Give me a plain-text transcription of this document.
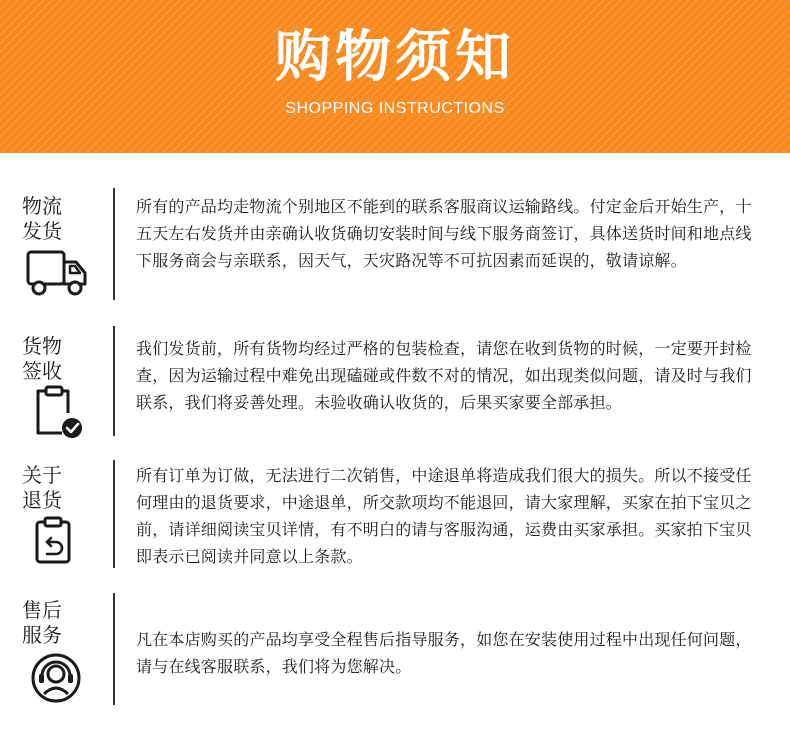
购物须知
SHOPPING INSTRUCTIONS
物流
发货
所有的产品均走物流个别地区不能到的联系客服商议运输路线。付定金后开始生产，十五天左右发货并由亲确认收货确切安装时间与线下服务商签订，具体送货时间和地点线下服务商会与亲联系，因天气，天灾路况等不可抗因素而延误的，敬请谅解。
货物
签收
我们发货前，所有货物均经过严格的包装检查，请您在收到货物的时候，一定要开封检查，因为运输过程中难免出现磕碰或件数不对的情况，如出现类似问题，请及时与我们联系，我们将妥善处理。未验收确认收货的，后果买家要全部承担。
关于
退货
所有订单为订做，无法进行二次销售，中途退单将造成我们很大的损失。所以不接受任何理由的退货要求，中途退单，所交款项均不能退回，请大家理解，买家在拍下宝贝之前，请详细阅读宝贝详情，有不明白的请与客服沟通，运费由买家承担。买家拍下宝贝即表示已阅读并同意以上条款。
售后
服务	凡在本店购买的产品均享受全程售后指导服务，如您在安装使用过程中出现任何问题，请与在线客服联系，我们将为您解决。
